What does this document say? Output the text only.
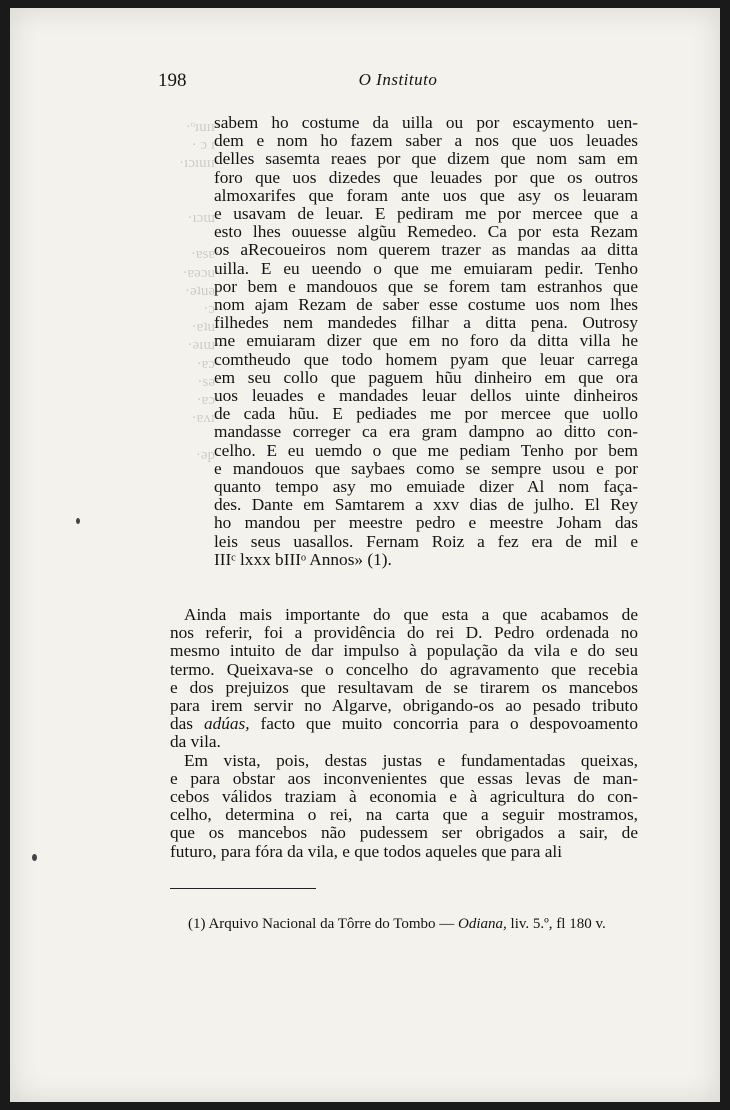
·ᵒıuıı·
· ɔ ı·
·ıɔıuıı·

·ıɔɯ·

·ɐsɐ·
·ɐǝɔu·
·ǝʇuǝ·
·ɔ·
·ɐʇu·
·ǝıɯ·
·ɐɔ·
·sǝ·
·ɐɔ·
·ɐʌı·

·ǝp·
198	O Instituto
sabem ho costume da uilla ou por escaymento uen-
dem e nom ho fazem saber a nos que uos leuades
delles sasemta reaes por que dizem que nom sam em
foro que uos dizedes que leuades por que os outros
almoxarifes que foram ante uos que asy os leuaram
e usavam de leuar. E pediram me por mercee que a
esto lhes ouuesse algũu Remedeo. Ca por esta Rezam
os aRecoueiros nom querem trazer as mandas aa ditta
uilla. E eu ueendo o que me emuiaram pedir. Tenho
por bem e mandouos que se forem tam estranhos que
nom ajam Rezam de saber esse costume uos nom lhes
filhedes nem mandedes filhar a ditta pena. Outrosy
me emuiaram dizer que em no foro da ditta villa he
comtheudo que todo homem pyam que leuar carrega
em seu collo que paguem hũu dinheiro em que ora
uos leuades e mandades leuar dellos uinte dinheiros
de cada hũu. E pediades me por mercee que uollo
mandasse correger ca era gram dampno ao ditto con-
celho. E eu uemdo o que me pediam Tenho por bem
e mandouos que saybaes como se sempre usou e por
quanto tempo asy mo emuiade dizer Al nom faça-
des. Dante em Samtarem a xxv dias de julho. El Rey
ho mandou per meestre pedro e meestre Joham das
leis seus uasallos. Fernam Roiz a fez era de mil e
IIIᶜ lxxx bIIIᵒ Annos» (1).
Ainda mais importante do que esta a que acabamos de
nos referir, foi a providência do rei D. Pedro ordenada no
mesmo intuito de dar impulso à população da vila e do seu
termo. Queixava-se o concelho do agravamento que recebia
e dos prejuizos que resultavam de se tirarem os mancebos
para irem servir no Algarve, obrigando-os ao pesado tributo
das adúas, facto que muito concorria para o despovoamento
da vila.
Em vista, pois, destas justas e fundamentadas queixas,
e para obstar aos inconvenientes que essas levas de man-
cebos válidos traziam à economia e à agricultura do con-
celho, determina o rei, na carta que a seguir mostramos,
que os mancebos não pudessem ser obrigados a sair, de
futuro, para fóra da vila, e que todos aqueles que para ali
(1) Arquivo Nacional da Tôrre do Tombo — Odiana, liv. 5.º, fl 180 v.
